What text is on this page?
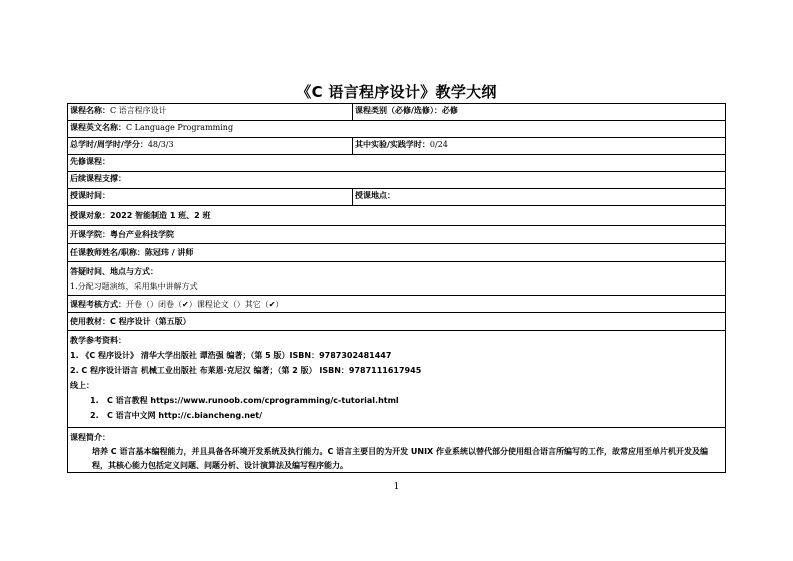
《C 语言程序设计》教学大纲
课程名称：C 语言程序设计	课程类别（必修/选修）：必修
课程英文名称：C Language Programming
总学时/周学时/学分：48/3/3	其中实验/实践学时：0/24
先修课程：
后续课程支撑：
授课时间：	授课地点：
授课对象：2022 智能制造 1 班、2 班
开课学院：粤台产业科技学院
任课教师姓名/职称：陈冠玮 / 讲师
答疑时间、地点与方式：
1.分配习题演练，采用集中讲解方式
课程考核方式：开卷（）闭卷（✔）课程论文（）其它（✔）
使用教材：C 程序设计（第五版）
教学参考资料：
1. 《C 程序设计》 清华大学出版社 谭浩强 编著；（第 5 版）ISBN：9787302481447
2. C 程序设计语言 机械工业出版社 布莱恩·克尼汉 编著；（第 2 版） ISBN：9787111617945
线上：
1. C 语言教程 https://www.runoob.com/cprogramming/c-tutorial.html
2. C 语言中文网 http://c.biancheng.net/
课程简介：
培养 C 语言基本编程能力，并且具备各环境开发系统及执行能力。C 语言主要目的为开发 UNIX 作业系统以替代部分使用组合语言所编写的工作，故常应用至单片机开发及编程，其核心能力包括定义问题、问题分析、设计演算法及编写程序能力。
1
